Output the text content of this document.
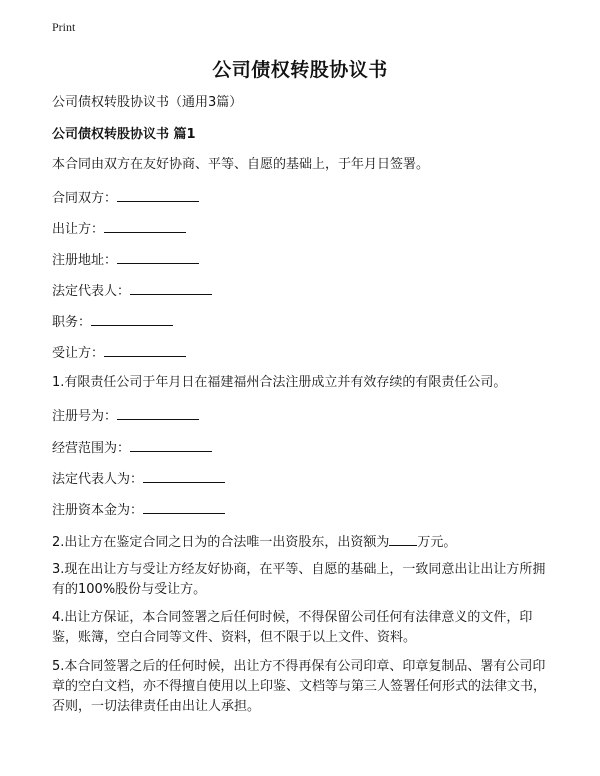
Print
公司债权转股协议书
公司债权转股协议书（通用3篇）
公司债权转股协议书 篇1
本合同由双方在友好协商、平等、自愿的基础上，于年月日签署。
合同双方：
出让方：
注册地址：
法定代表人：
职务：
受让方：
1.有限责任公司于年月日在福建福州合法注册成立并有效存续的有限责任公司。
注册号为：
经营范围为：
法定代表人为：
注册资本金为：
2.出让方在鉴定合同之日为的合法唯一出资股东，出资额为 万元。
3.现在出让方与受让方经友好协商，在平等、自愿的基础上，一致同意出让出让方所拥有的100%股份与受让方。
4.出让方保证，本合同签署之后任何时候，不得保留公司任何有法律意义的文件，印鉴，账簿，空白合同等文件、资料，但不限于以上文件、资料。
5.本合同签署之后的任何时候，出让方不得再保有公司印章、印章复制品、署有公司印章的空白文档，亦不得擅自使用以上印鉴、文档等与第三人签署任何形式的法律文书，否则，一切法律责任由出让人承担。
